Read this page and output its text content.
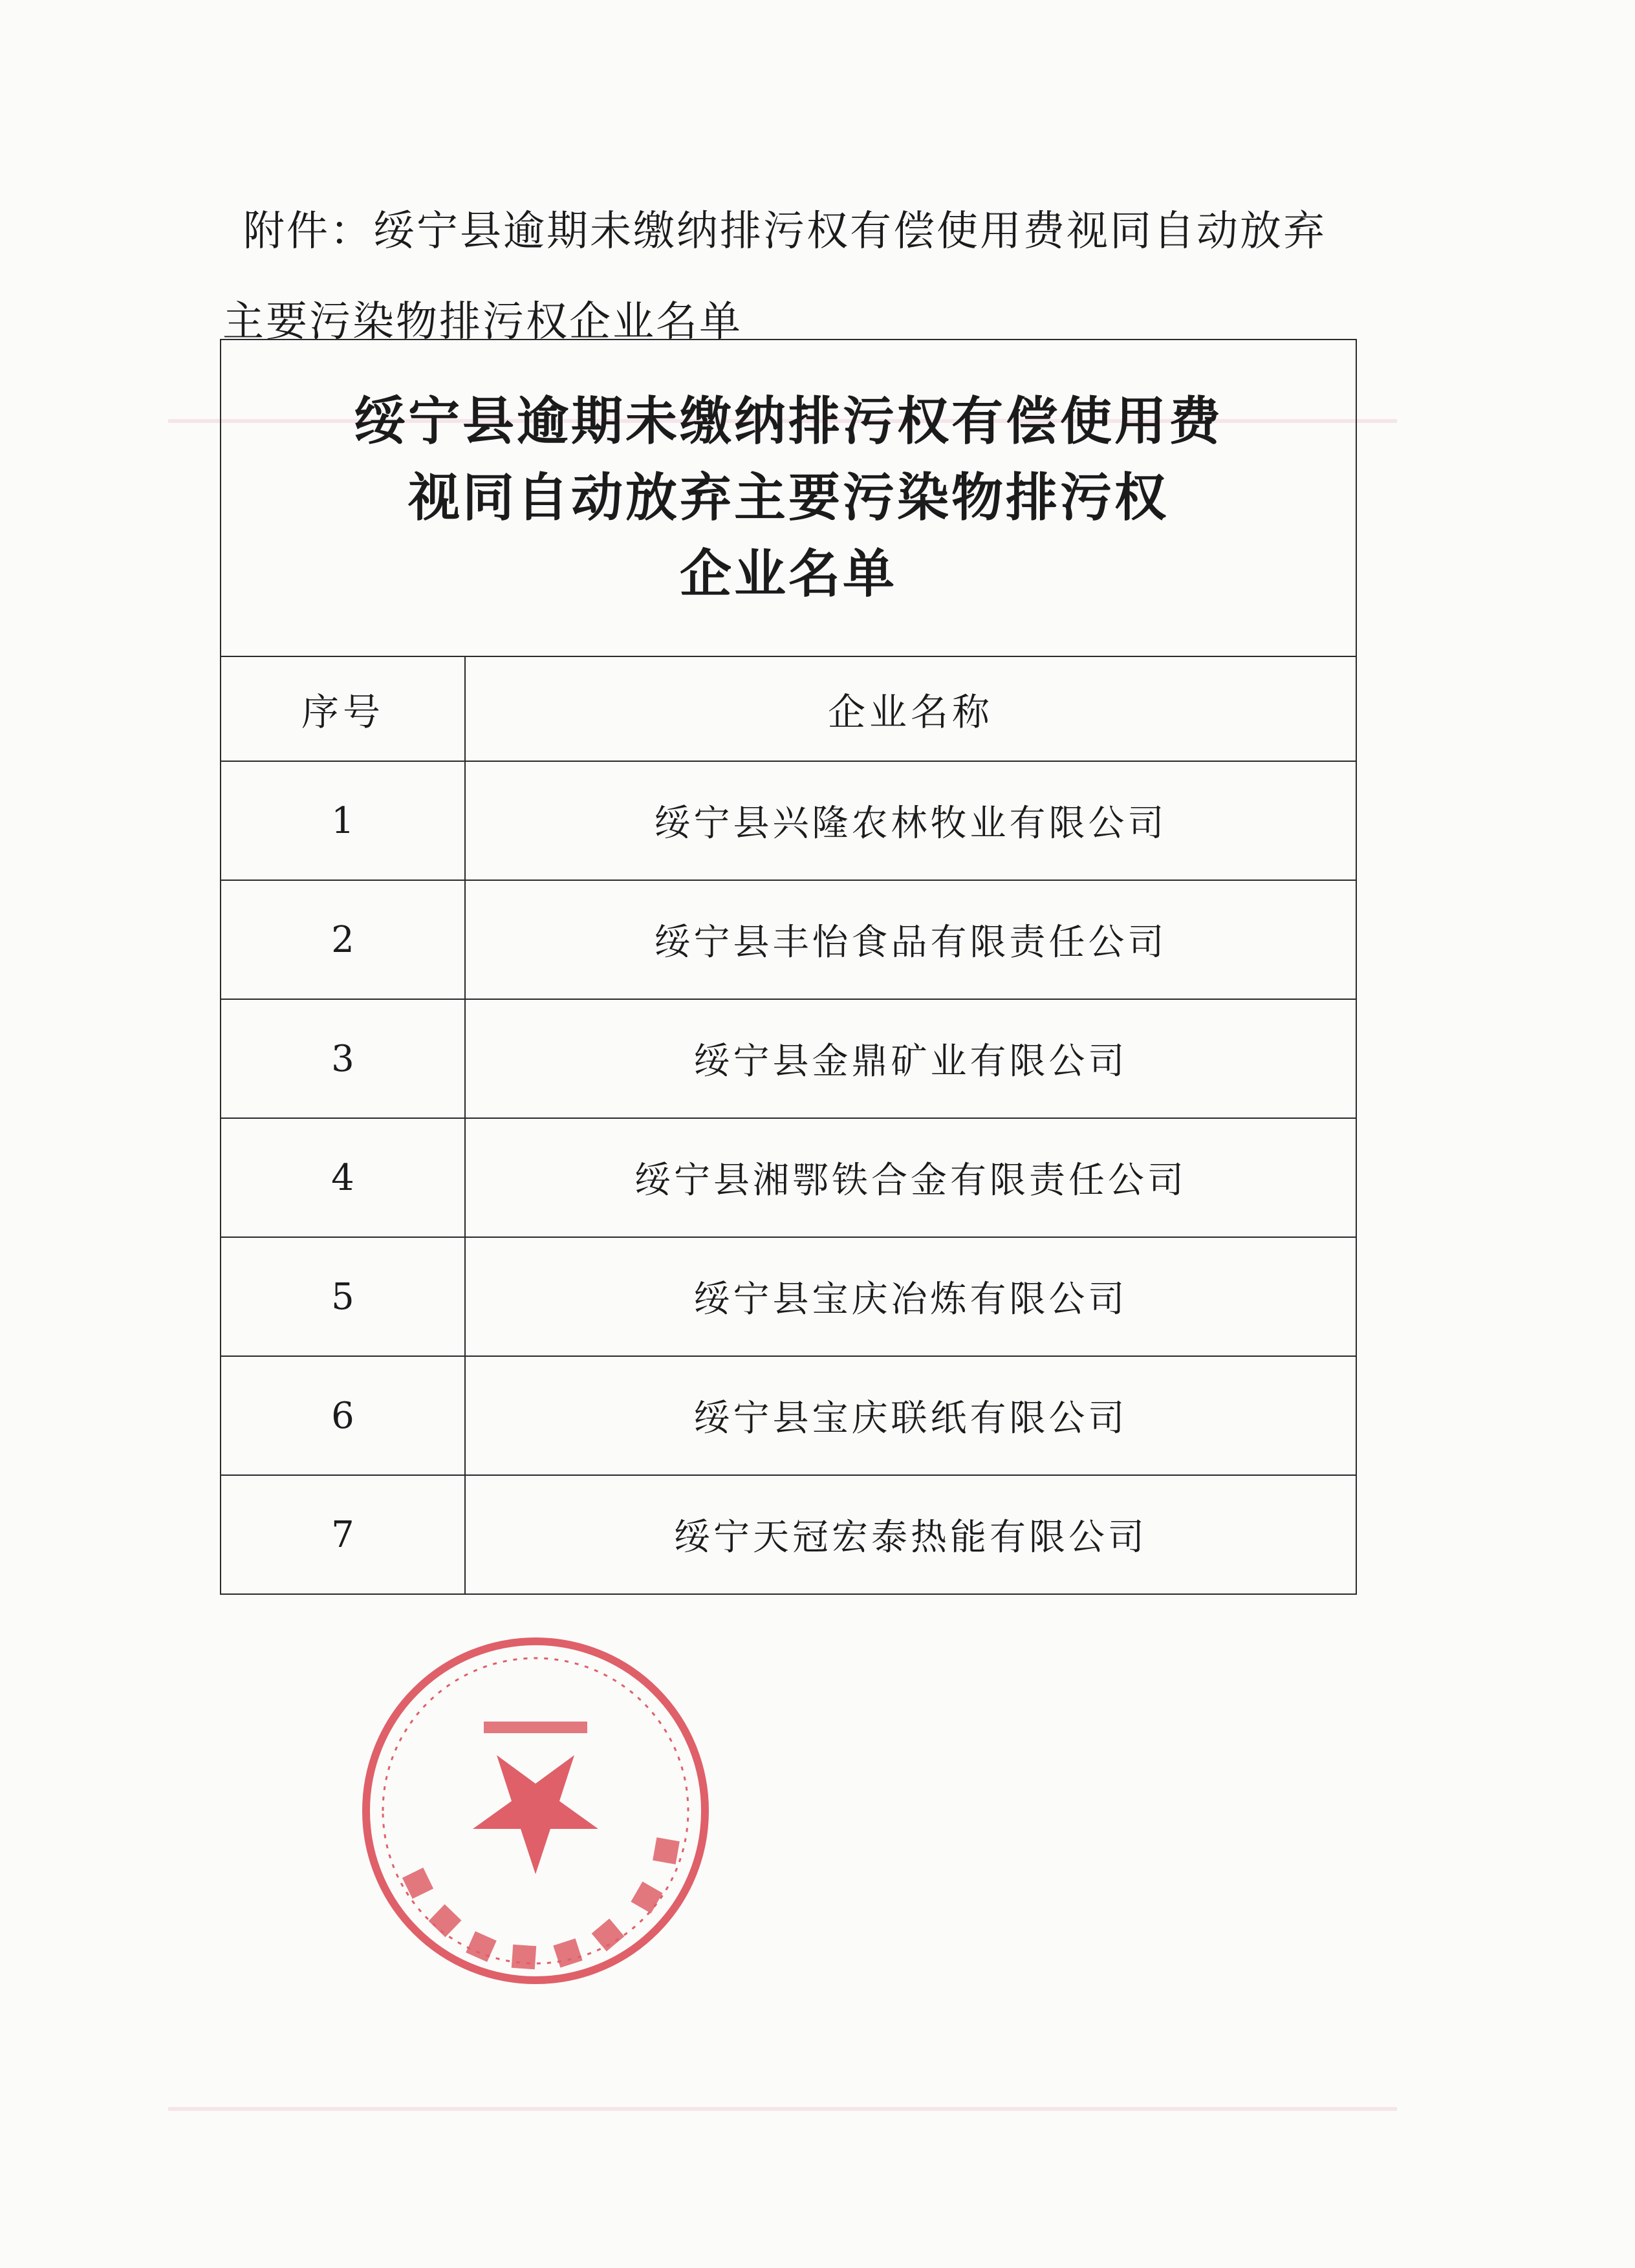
附件：绥宁县逾期未缴纳排污权有偿使用费视同自动放弃

主要污染物排污权企业名单
绥宁县逾期未缴纳排污权有偿使用费
视同自动放弃主要污染物排污权
企业名单	

序号	企业名称
1	绥宁县兴隆农林牧业有限公司
2	绥宁县丰怡食品有限责任公司
3	绥宁县金鼎矿业有限公司
4	绥宁县湘鄂铁合金有限责任公司
5	绥宁县宝庆冶炼有限公司
6	绥宁县宝庆联纸有限公司
7	绥宁天冠宏泰热能有限公司
